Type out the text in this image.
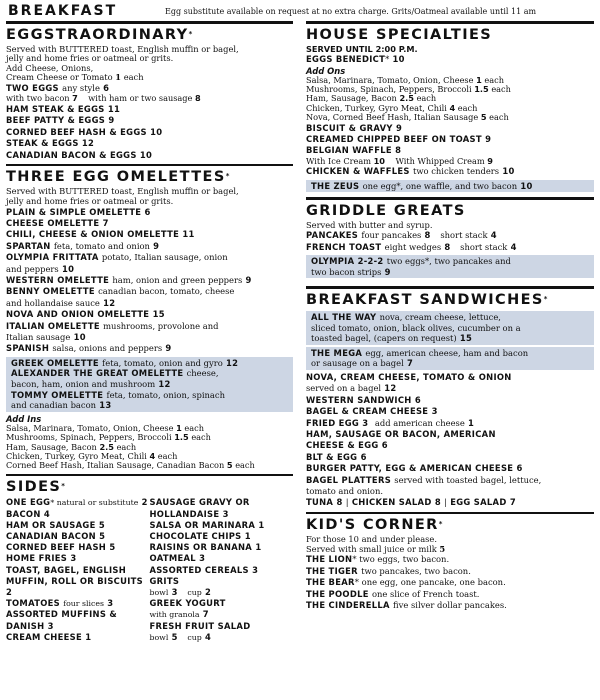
BREAKFAST	Egg substitute available on request at no extra charge. Grits/Oatmeal available until 11 am
EGGSTRAORDINARY*
Served with BUTTERED toast, English muffin or bagel,
jelly and home fries or oatmeal or grits.
Add Cheese, Onions,
Cream Cheese or Tomato 1 each
TWO EGGS any style 6
with two bacon 7 with ham or two sausage 8
HAM STEAK & EGGS 11
BEEF PATTY & EGGS 9
CORNED BEEF HASH & EGGS 10
STEAK & EGGS 12
CANADIAN BACON & EGGS 10
THREE EGG OMELETTES*
Served with BUTTERED toast, English muffin or bagel,
jelly and home fries or oatmeal or grits.
PLAIN & SIMPLE OMELETTE 6
CHEESE OMELETTE 7
CHILI, CHEESE & ONION OMELETTE 11
SPARTAN feta, tomato and onion 9
OLYMPIA FRITTATA potato, Italian sausage, onion
and peppers 10
WESTERN OMELETTE ham, onion and green peppers 9
BENNY OMELETTE canadian bacon, tomato, cheese
and hollandaise sauce 12
NOVA AND ONION OMELETTE 15
ITALIAN OMELETTE mushrooms, provolone and
Italian sausage 10
SPANISH salsa, onions and peppers 9
GREEK OMELETTE feta, tomato, onion and gyro 12
ALEXANDER THE GREAT OMELETTE cheese,
bacon, ham, onion and mushroom 12
TOMMY OMELETTE feta, tomato, onion, spinach
and canadian bacon 13
Add Ins
Salsa, Marinara, Tomato, Onion, Cheese 1 each
Mushrooms, Spinach, Peppers, Broccoli 1.5 each
Ham, Sausage, Bacon 2.5 each
Chicken, Turkey, Gyro Meat, Chili 4 each
Corned Beef Hash, Italian Sausage, Canadian Bacon 5 each
SIDES*
ONE EGG* natural or substitute 2
BACON 4
HAM OR SAUSAGE 5
CANADIAN BACON 5
CORNED BEEF HASH 5
HOME FRIES 3
TOAST, BAGEL, ENGLISH MUFFIN, ROLL OR BISCUITS 2
TOMATOES four slices 3
ASSORTED MUFFINS & DANISH 3
CREAM CHEESE 1
SAUSAGE GRAVY OR HOLLANDAISE 3
SALSA OR MARINARA 1
CHOCOLATE CHIPS 1
RAISINS OR BANANA 1
OATMEAL 3
ASSORTED CEREALS 3
GRITS
bowl 3 cup 2
GREEK YOGURT
with granola 7
FRESH FRUIT SALAD
bowl 5 cup 4
HOUSE SPECIALTIES
SERVED UNTIL 2:00 P.M.
EGGS BENEDICT* 10
Add Ons
Salsa, Marinara, Tomato, Onion, Cheese 1 each
Mushrooms, Spinach, Peppers, Broccoli 1.5 each
Ham, Sausage, Bacon 2.5 each
Chicken, Turkey, Gyro Meat, Chili 4 each
Nova, Corned Beef Hash, Italian Sausage 5 each
BISCUIT & GRAVY 9
CREAMED CHIPPED BEEF ON TOAST 9
BELGIAN WAFFLE 8
With Ice Cream 10 With Whipped Cream 9
CHICKEN & WAFFLES two chicken tenders 10
THE ZEUS one egg*, one waffle, and two bacon 10
GRIDDLE GREATS
Served with butter and syrup.
PANCAKES four pancakes 8 short stack 4
FRENCH TOAST eight wedges 8 short stack 4
OLYMPIA 2-2-2 two eggs*, two pancakes and
two bacon strips 9
BREAKFAST SANDWICHES*
ALL THE WAY nova, cream cheese, lettuce,
sliced tomato, onion, black olives, cucumber on a
toasted bagel, (capers on request) 15
THE MEGA egg, american cheese, ham and bacon
or sausage on a bagel 7
NOVA, CREAM CHEESE, TOMATO & ONION
served on a bagel 12
WESTERN SANDWICH 6
BAGEL & CREAM CHEESE 3
FRIED EGG 3 add american cheese 1
HAM, SAUSAGE OR BACON, AMERICAN
CHEESE & EGG 6
BLT & EGG 6
BURGER PATTY, EGG & AMERICAN CHEESE 6
BAGEL PLATTERS served with toasted bagel, lettuce,
tomato and onion.
TUNA 8 | CHICKEN SALAD 8 | EGG SALAD 7
KID'S CORNER*
For those 10 and under please.
Served with small juice or milk 5
THE LION* two eggs, two bacon.
THE TIGER two pancakes, two bacon.
THE BEAR* one egg, one pancake, one bacon.
THE POODLE one slice of French toast.
THE CINDERELLA five silver dollar pancakes.
